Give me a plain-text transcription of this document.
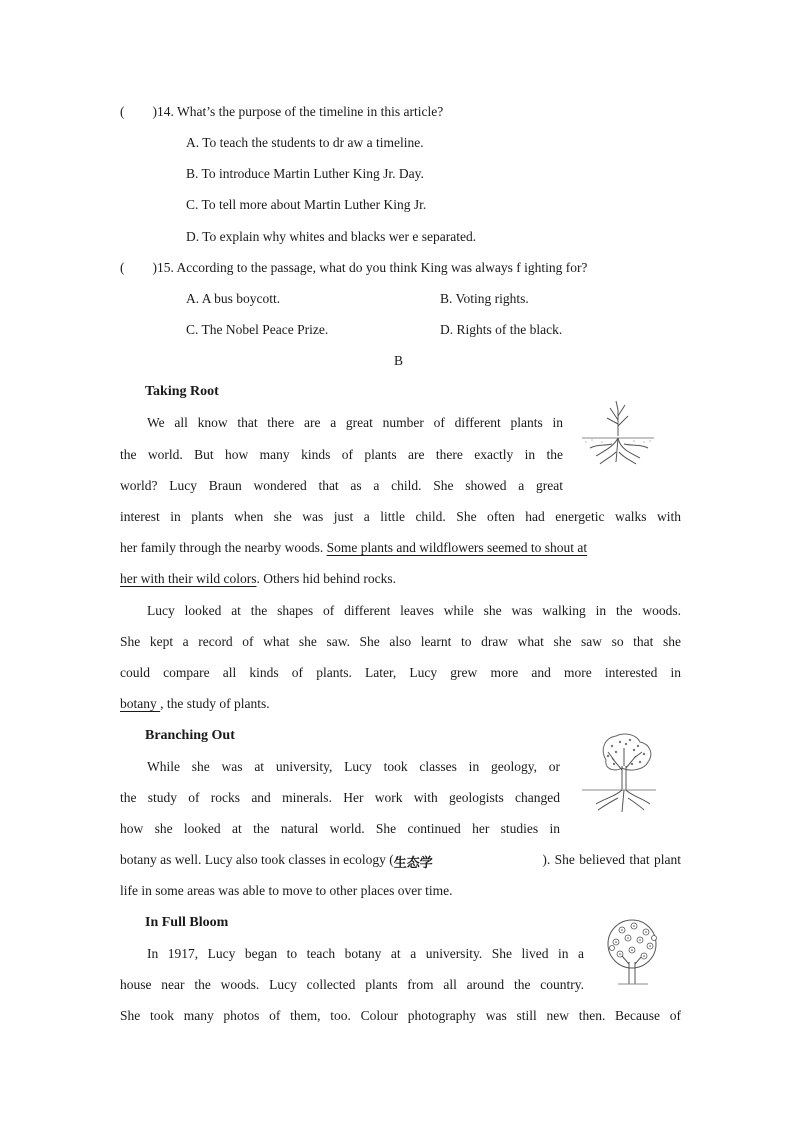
( )14. What’s the purpose of the timeline in this article?
A. To teach the students to dr aw a timeline.
B. To introduce Martin Luther King Jr. Day.
C. To tell more about Martin Luther King Jr.
D. To explain why whites and blacks wer e separated.
( )15. According to the passage, what do you think King was always f ighting for?
A. A bus boycott.	B. Voting rights.
C. The Nobel Peace Prize.	D. Rights of the black.
B
Taking Root
We all know that there are a great number of different plants in
the world. But how many kinds of plants are there exactly in the
world? Lucy Braun wondered that as a child. She showed a great
interest in plants when she was just a little child. She often had energetic walks with
her family through the nearby woods. Some plants and wildflowers seemed to shout at
her with their wild colors. Others hid behind rocks.
Lucy looked at the shapes of different leaves while she was walking in the woods.
She kept a record of what she saw. She also learnt to draw what she saw so that she
could compare all kinds of plants. Later, Lucy grew more and more interested in
botany , the study of plants.
Branching Out
While she was at university, Lucy took classes in geology, or
the study of rocks and minerals. Her work with geologists changed
how she looked at the natural world. She continued her studies in
botany as well. Lucy also took classes in ecology ( 生态学	). She believed that plant
life in some areas was able to move to other places over time.
In Full Bloom
In 1917, Lucy began to teach botany at a university. She lived in a
house near the woods. Lucy collected plants from all around the country.
She took many photos of them, too. Colour photography was still new then. Because of
